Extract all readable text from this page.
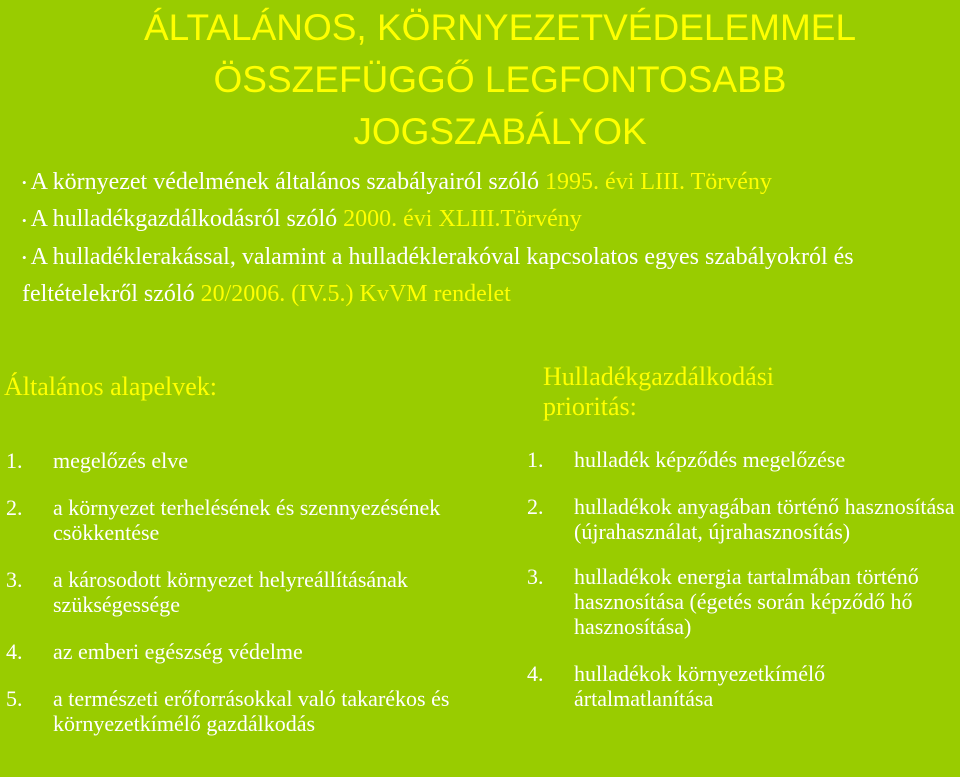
ÁLTALÁNOS, KÖRNYEZETVÉDELEMMEL
ÖSSZEFÜGGŐ LEGFONTOSABB
JOGSZABÁLYOK
• A környezet védelmének általános szabályairól szóló 1995. évi LIII. Törvény
• A hulladékgazdálkodásról szóló 2000. évi XLIII.Törvény
• A hulladéklerakással, valamint a hulladéklerakóval kapcsolatos egyes szabályokról és feltételekről szóló 20/2006. (IV.5.) KvVM rendelet
Általános alapelvek:	Hulladékgazdálkodási
prioritás:
1. megelőzés elve
2. a környezet terhelésének és szennyezésének csökkentése
3. a károsodott környezet helyreállításának szükségessége
4. az emberi egészség védelme
5. a természeti erőforrásokkal való takarékos és környezetkímélő gazdálkodás
1. hulladék képződés megelőzése
2. hulladékok anyagában történő hasznosítása (újrahasználat, újrahasznosítás)
3. hulladékok energia tartalmában történő hasznosítása (égetés során képződő hő hasznosítása)
4. hulladékok környezetkímélő ártalmatlanítása
